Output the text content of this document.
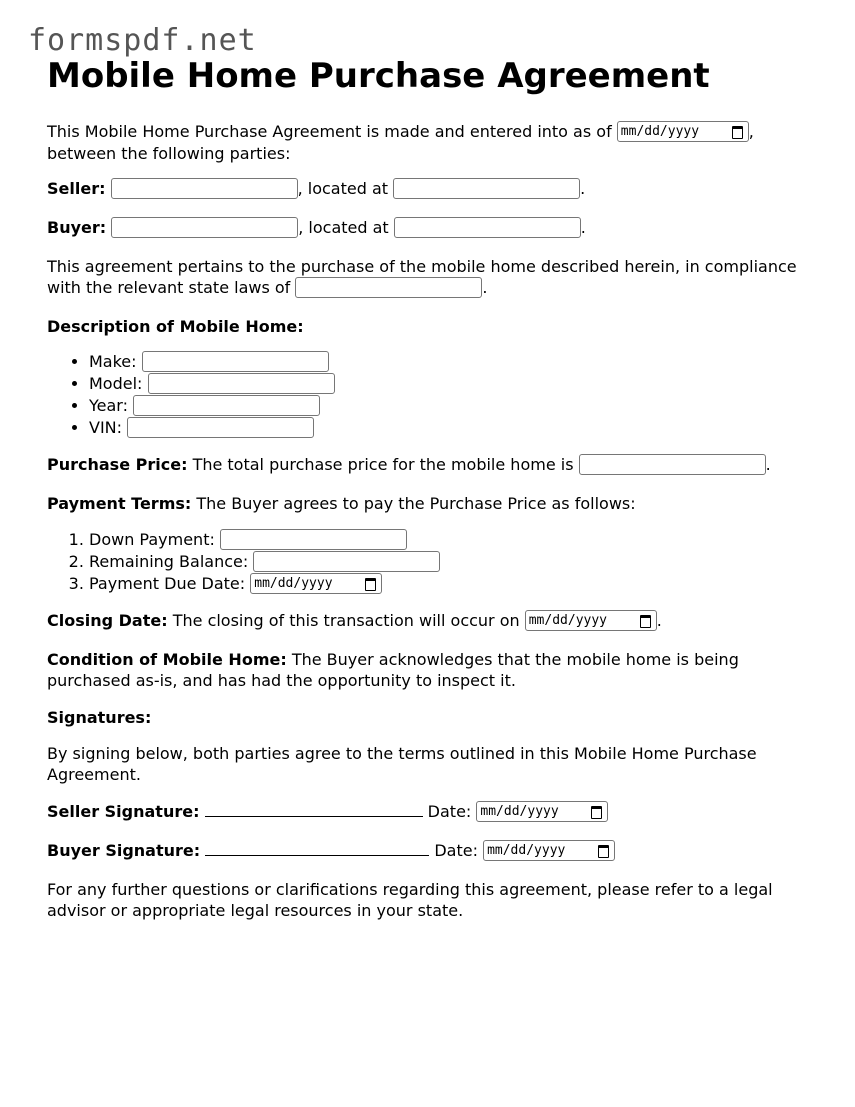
formspdf.net
Mobile Home Purchase Agreement

This Mobile Home Purchase Agreement is made and entered into as of mm/dd/yyyy	,
between the following parties:

Seller:	, located at	.

Buyer:	, located at	.

This agreement pertains to the purchase of the mobile home described herein, in compliance with the relevant state laws of	.

Description of Mobile Home:

• Make:
• Model:
• Year:
• VIN:

Purchase Price: The total purchase price for the mobile home is	.

Payment Terms: The Buyer agrees to pay the Purchase Price as follows:

1. Down Payment:
2. Remaining Balance:
3. Payment Due Date: mm/dd/yyyy

Closing Date: The closing of this transaction will occur on mm/dd/yyyy	.

Condition of Mobile Home: The Buyer acknowledges that the mobile home is being purchased as-is, and has had the opportunity to inspect it.

Signatures:

By signing below, both parties agree to the terms outlined in this Mobile Home Purchase Agreement.

Seller Signature:	Date: mm/dd/yyyy

Buyer Signature:	Date: mm/dd/yyyy

For any further questions or clarifications regarding this agreement, please refer to a legal advisor or appropriate legal resources in your state.
